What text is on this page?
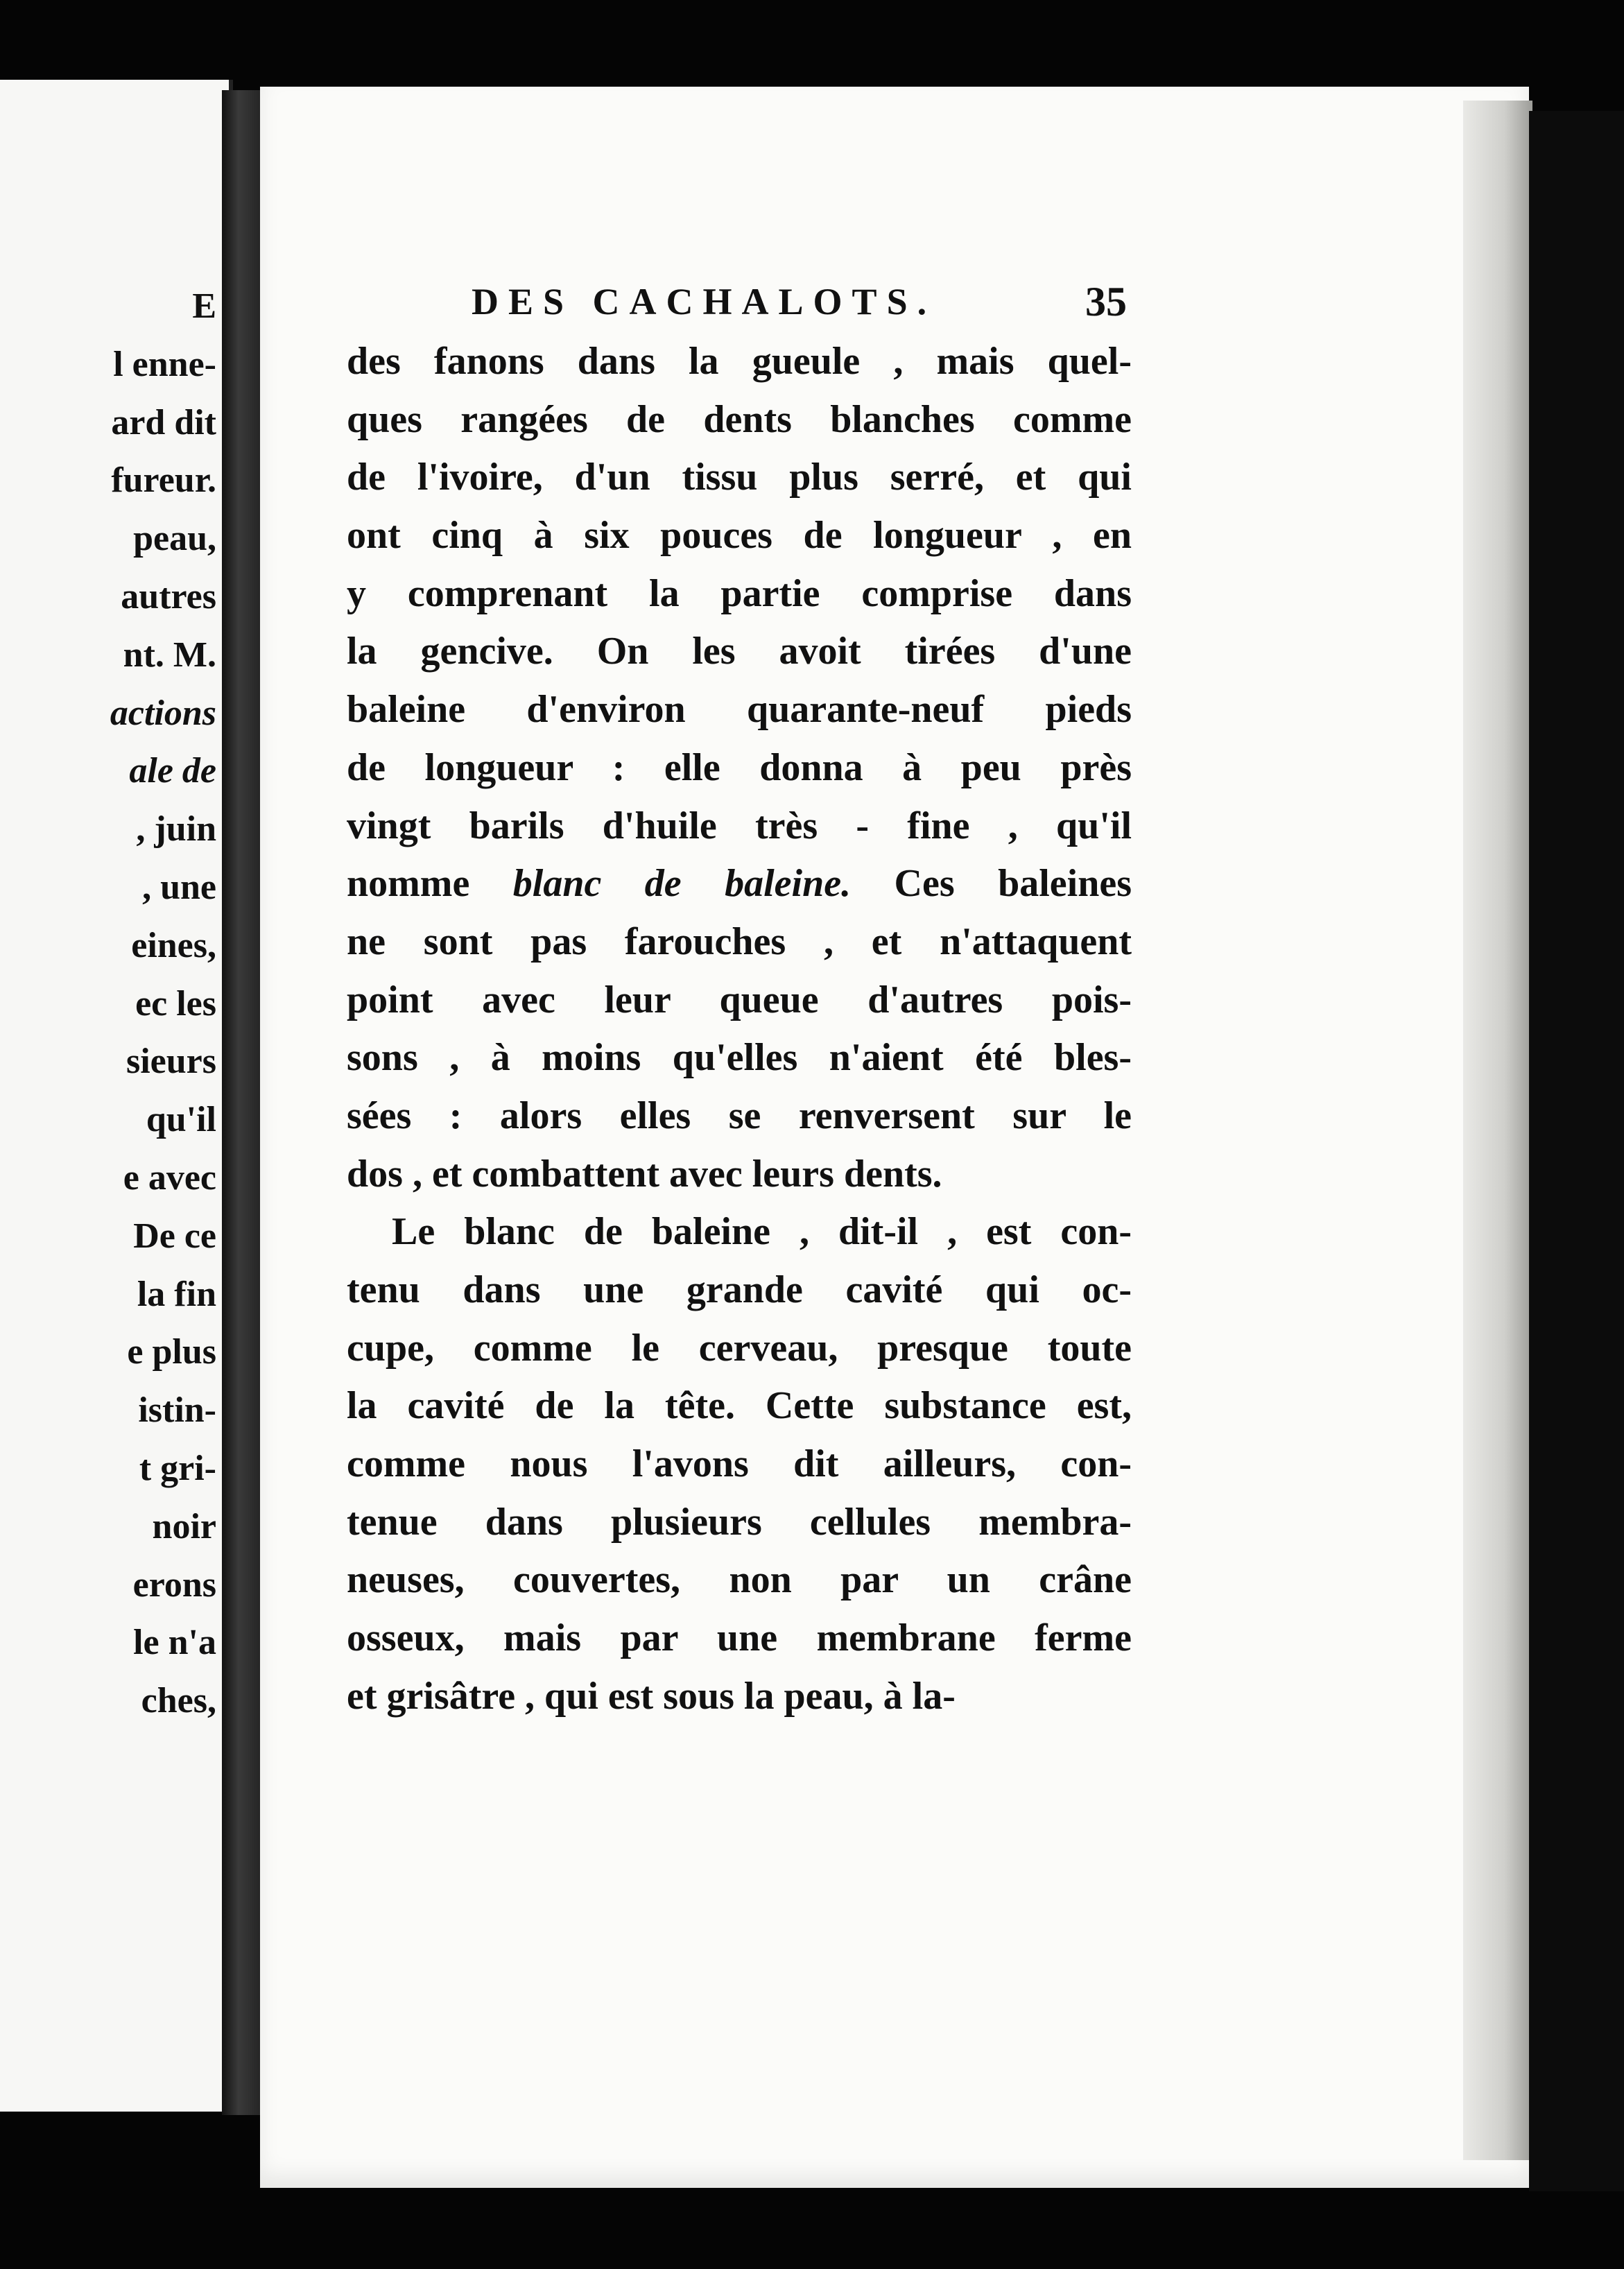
E
l enne-
ard dit
fureur.
peau,
autres
nt. M.
actions
ale de
, juin
, une
eines,
ec les
sieurs
qu'il
e avec
De ce
la fin
e plus
istin-
t gri-
noir
erons
le n'a
ches,
DES CACHALOTS.	35
des fanons dans la gueule , mais quel-
ques rangées de dents blanches comme
de l'ivoire, d'un tissu plus serré, et qui
ont cinq à six pouces de longueur , en
y comprenant la partie comprise dans
la gencive. On les avoit tirées d'une
baleine d'environ quarante-neuf pieds
de longueur : elle donna à peu près
vingt barils d'huile très - fine , qu'il
nomme blanc de baleine. Ces baleines
ne sont pas farouches , et n'attaquent
point avec leur queue d'autres pois-
sons , à moins qu'elles n'aient été bles-
sées : alors elles se renversent sur le
dos , et combattent avec leurs dents.
Le blanc de baleine , dit-il , est con-
tenu dans une grande cavité qui oc-
cupe, comme le cerveau, presque toute
la cavité de la tête. Cette substance est,
comme nous l'avons dit ailleurs, con-
tenue dans plusieurs cellules membra-
neuses, couvertes, non par un crâne
osseux, mais par une membrane ferme
et grisâtre , qui est sous la peau, à la-
